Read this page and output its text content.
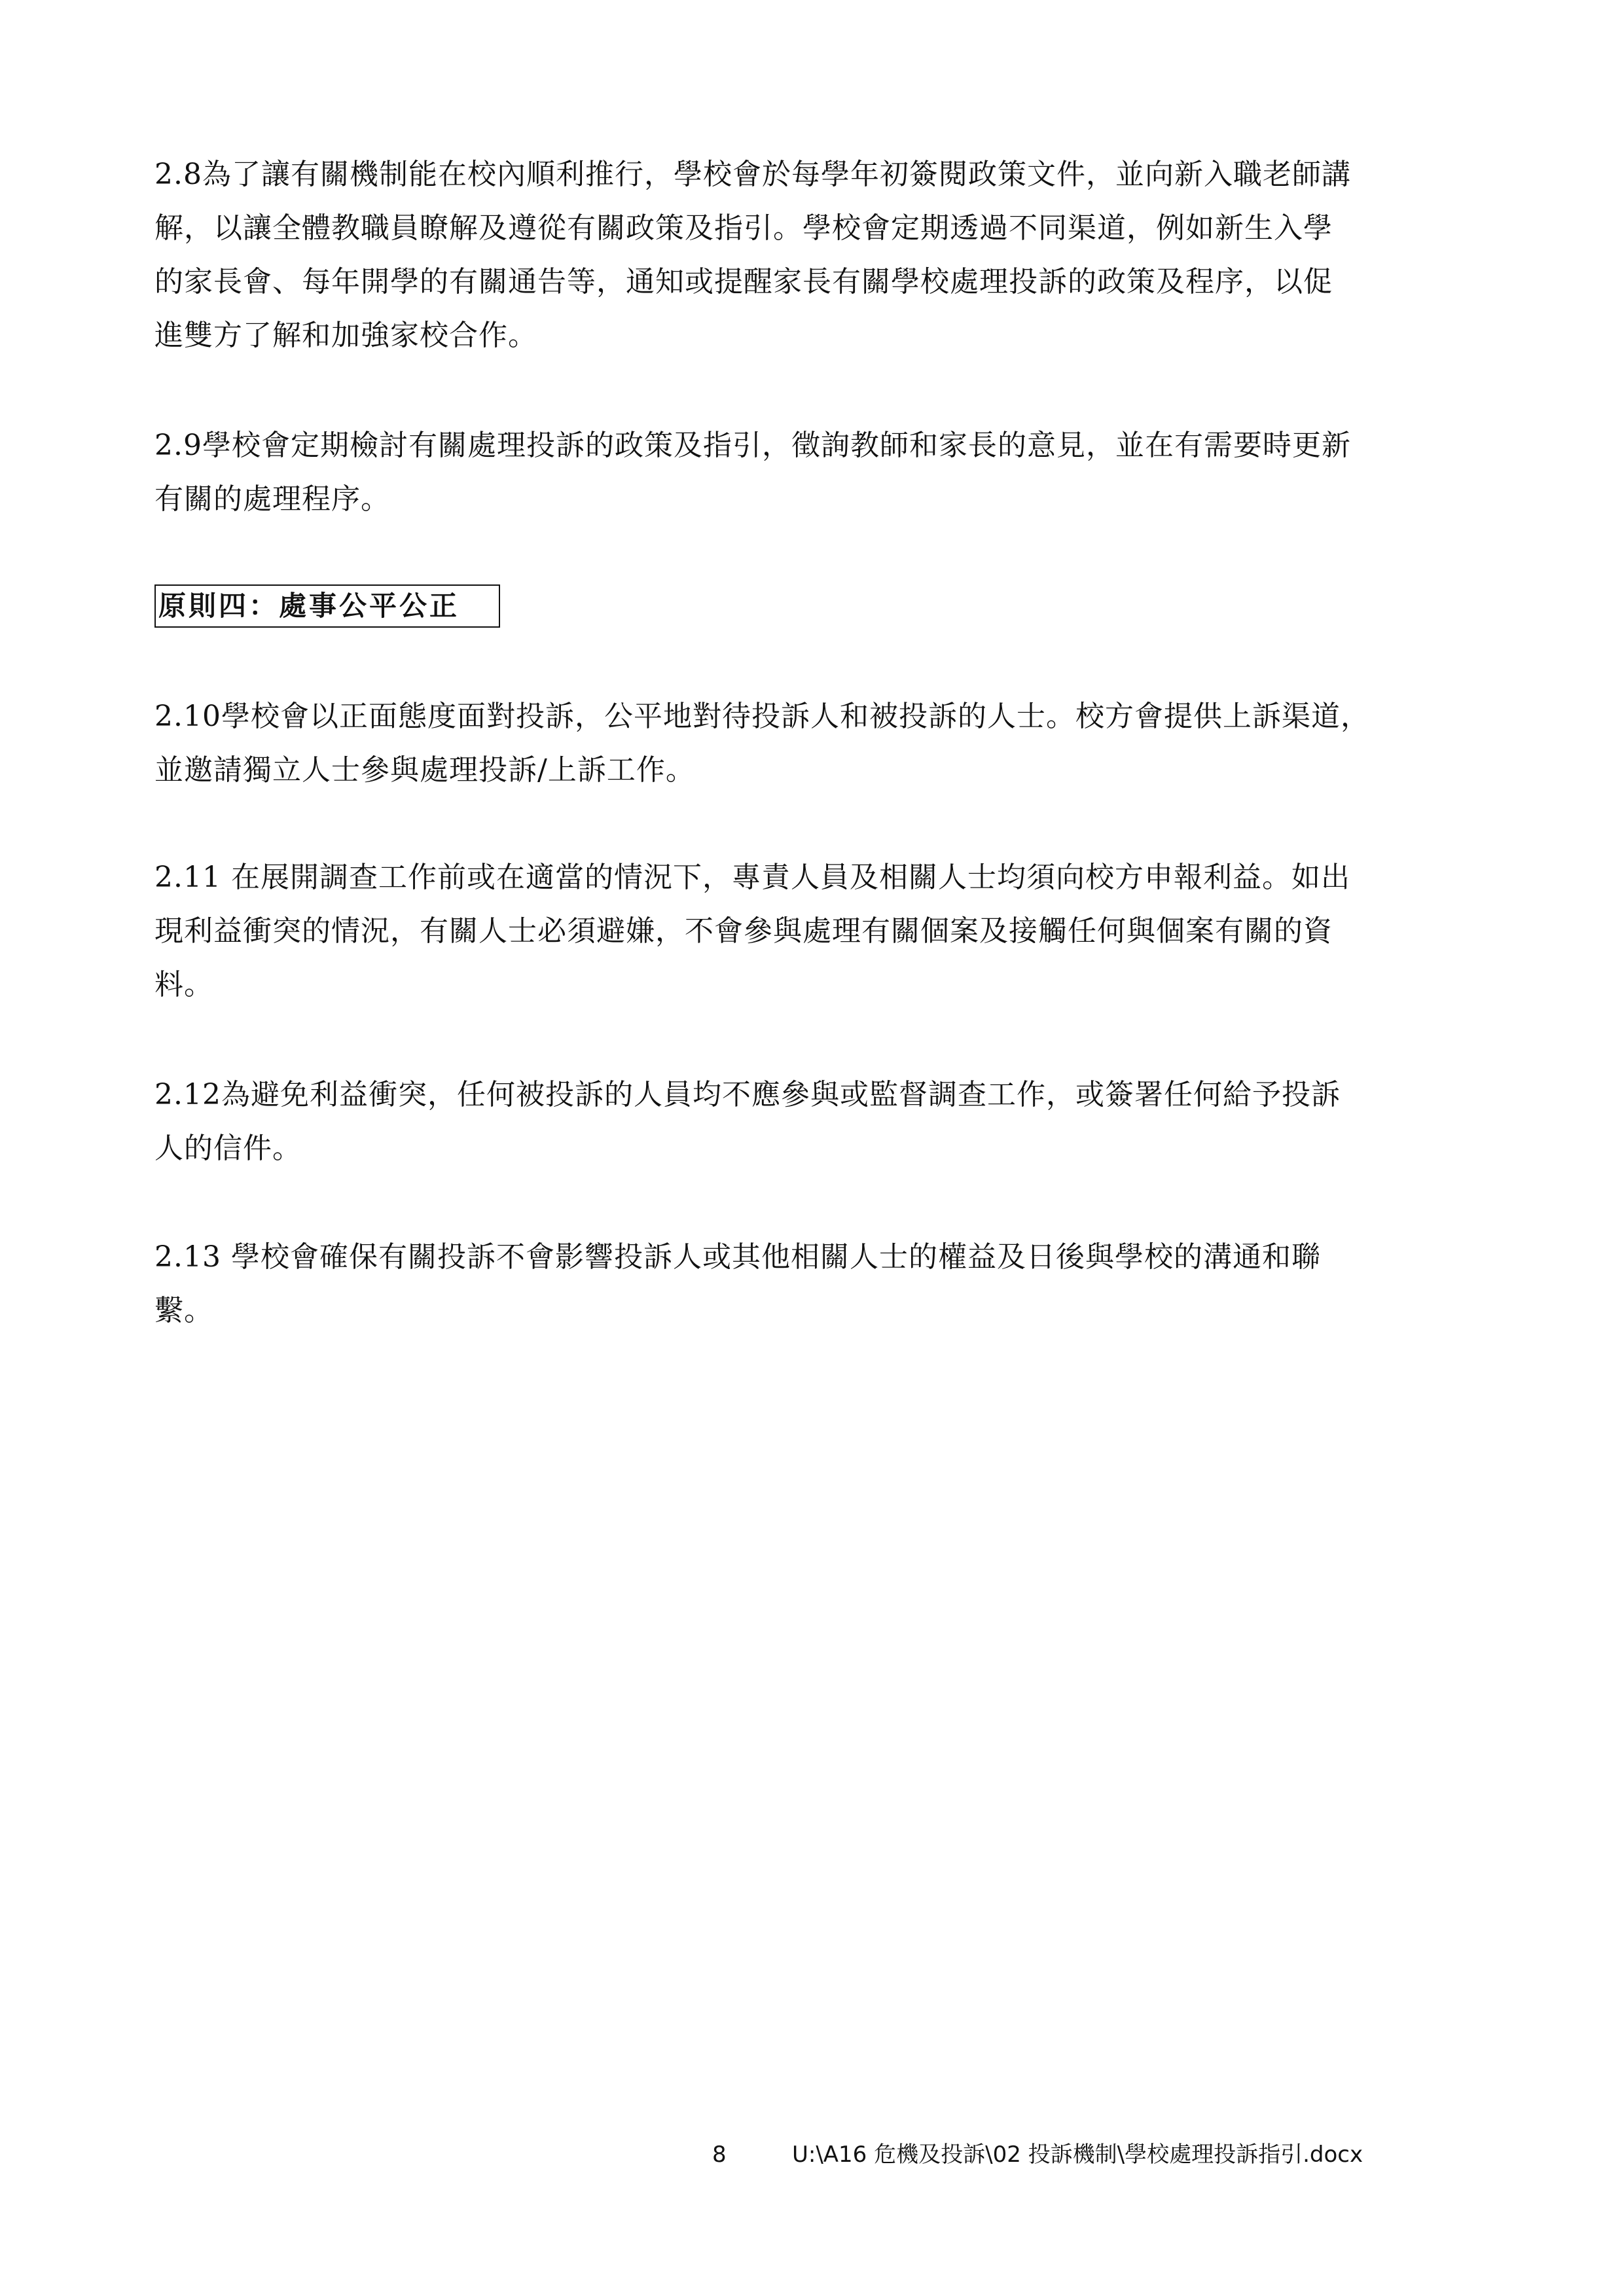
2.8為了讓有關機制能在校內順利推行，學校會於每學年初簽閱政策文件，並向新入職老師講
解，以讓全體教職員瞭解及遵從有關政策及指引。學校會定期透過不同渠道，例如新生入學
的家長會、每年開學的有關通告等，通知或提醒家長有關學校處理投訴的政策及程序，以促
進雙方了解和加強家校合作。
2.9學校會定期檢討有關處理投訴的政策及指引，徵詢教師和家長的意見，並在有需要時更新
有關的處理程序。
原則四：處事公平公正
2.10學校會以正面態度面對投訴，公平地對待投訴人和被投訴的人士。校方會提供上訴渠道，
並邀請獨立人士參與處理投訴/上訴工作。
2.11 在展開調查工作前或在適當的情況下，專責人員及相關人士均須向校方申報利益。如出
現利益衝突的情況，有關人士必須避嫌，不會參與處理有關個案及接觸任何與個案有關的資
料。
2.12為避免利益衝突，任何被投訴的人員均不應參與或監督調查工作，或簽署任何給予投訴
人的信件。
2.13 學校會確保有關投訴不會影響投訴人或其他相關人士的權益及日後與學校的溝通和聯
繫。
8	U:\A16 危機及投訴\02 投訴機制\學校處理投訴指引.docx
